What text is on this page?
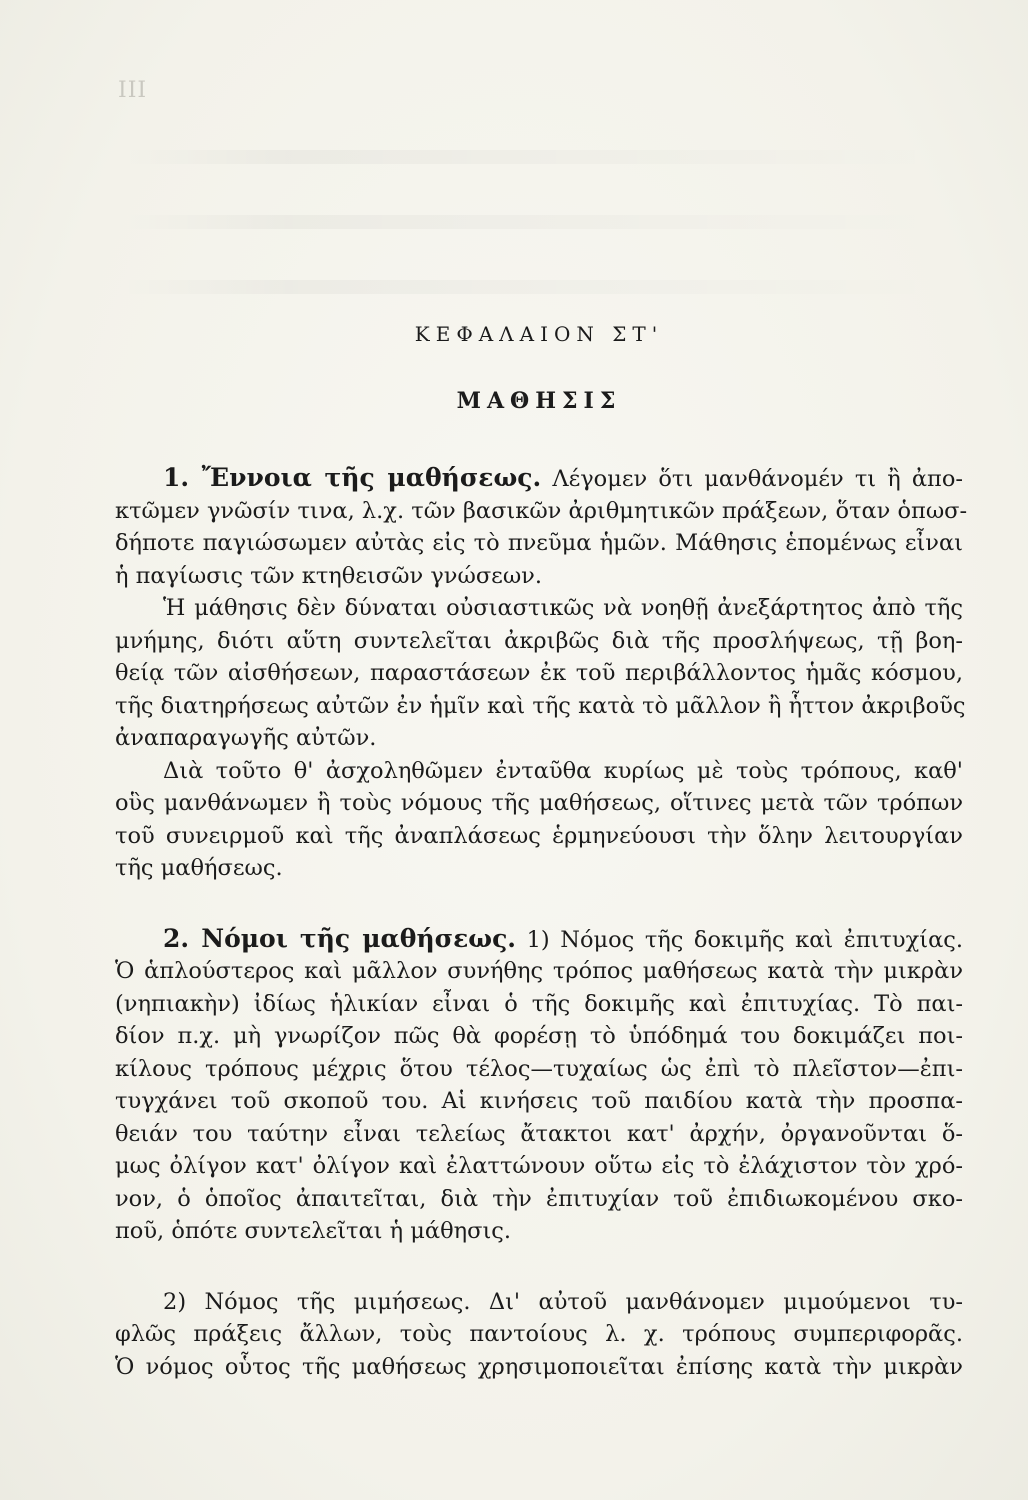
ΙΙΙ
ΚΕΦΑΛΑΙΟΝ ΣΤ'
ΜΑΘΗΣΙΣ
1. Ἔννοια τῆς μαθήσεως. Λέγομεν ὅτι μανθάνομέν τι ἢ ἀπο-
κτῶμεν γνῶσίν τινα, λ.χ. τῶν βασικῶν ἀριθμητικῶν πράξεων, ὅταν ὁπωσ-
δήποτε παγιώσωμεν αὐτὰς εἰς τὸ πνεῦμα ἡμῶν. Μάθησις ἑπομένως εἶναι
ἡ παγίωσις τῶν κτηθεισῶν γνώσεων.
Ἡ μάθησις δὲν δύναται οὐσιαστικῶς νὰ νοηθῇ ἀνεξάρτητος ἀπὸ τῆς
μνήμης, διότι αὕτη συντελεῖται ἀκριβῶς διὰ τῆς προσλήψεως, τῇ βοη-
θείᾳ τῶν αἰσθήσεων, παραστάσεων ἐκ τοῦ περιβάλλοντος ἡμᾶς κόσμου,
τῆς διατηρήσεως αὐτῶν ἐν ἡμῖν καὶ τῆς κατὰ τὸ μᾶλλον ἢ ἧττον ἀκριβοῦς
ἀναπαραγωγῆς αὐτῶν.
Διὰ τοῦτο θ' ἀσχοληθῶμεν ἐνταῦθα κυρίως μὲ τοὺς τρόπους, καθ'
οὓς μανθάνωμεν ἢ τοὺς νόμους τῆς μαθήσεως, οἵτινες μετὰ τῶν τρόπων
τοῦ συνειρμοῦ καὶ τῆς ἀναπλάσεως ἑρμηνεύουσι τὴν ὅλην λειτουργίαν
τῆς μαθήσεως.
2. Νόμοι τῆς μαθήσεως. 1) Νόμος τῆς δοκιμῆς καὶ ἐπιτυχίας.
Ὁ ἁπλούστερος καὶ μᾶλλον συνήθης τρόπος μαθήσεως κατὰ τὴν μικρὰν
(νηπιακὴν) ἰδίως ἡλικίαν εἶναι ὁ τῆς δοκιμῆς καὶ ἐπιτυχίας. Τὸ παι-
δίον π.χ. μὴ γνωρίζον πῶς θὰ φορέσῃ τὸ ὑπόδημά του δοκιμάζει ποι-
κίλους τρόπους μέχρις ὅτου τέλος—τυχαίως ὡς ἐπὶ τὸ πλεῖστον—ἐπι-
τυγχάνει τοῦ σκοποῦ του. Αἱ κινήσεις τοῦ παιδίου κατὰ τὴν προσπα-
θειάν του ταύτην εἶναι τελείως ἄτακτοι κατ' ἀρχήν, ὀργανοῦνται ὅ-
μως ὀλίγον κατ' ὀλίγον καὶ ἐλαττώνουν οὕτω εἰς τὸ ἐλάχιστον τὸν χρό-
νον, ὁ ὁποῖος ἀπαιτεῖται, διὰ τὴν ἐπιτυχίαν τοῦ ἐπιδιωκομένου σκο-
ποῦ, ὁπότε συντελεῖται ἡ μάθησις.
2) Νόμος τῆς μιμήσεως. Δι' αὐτοῦ μανθάνομεν μιμούμενοι τυ-
φλῶς πράξεις ἄλλων, τοὺς παντοίους λ. χ. τρόπους συμπεριφορᾶς.
Ὁ νόμος οὗτος τῆς μαθήσεως χρησιμοποιεῖται ἐπίσης κατὰ τὴν μικρὰν
